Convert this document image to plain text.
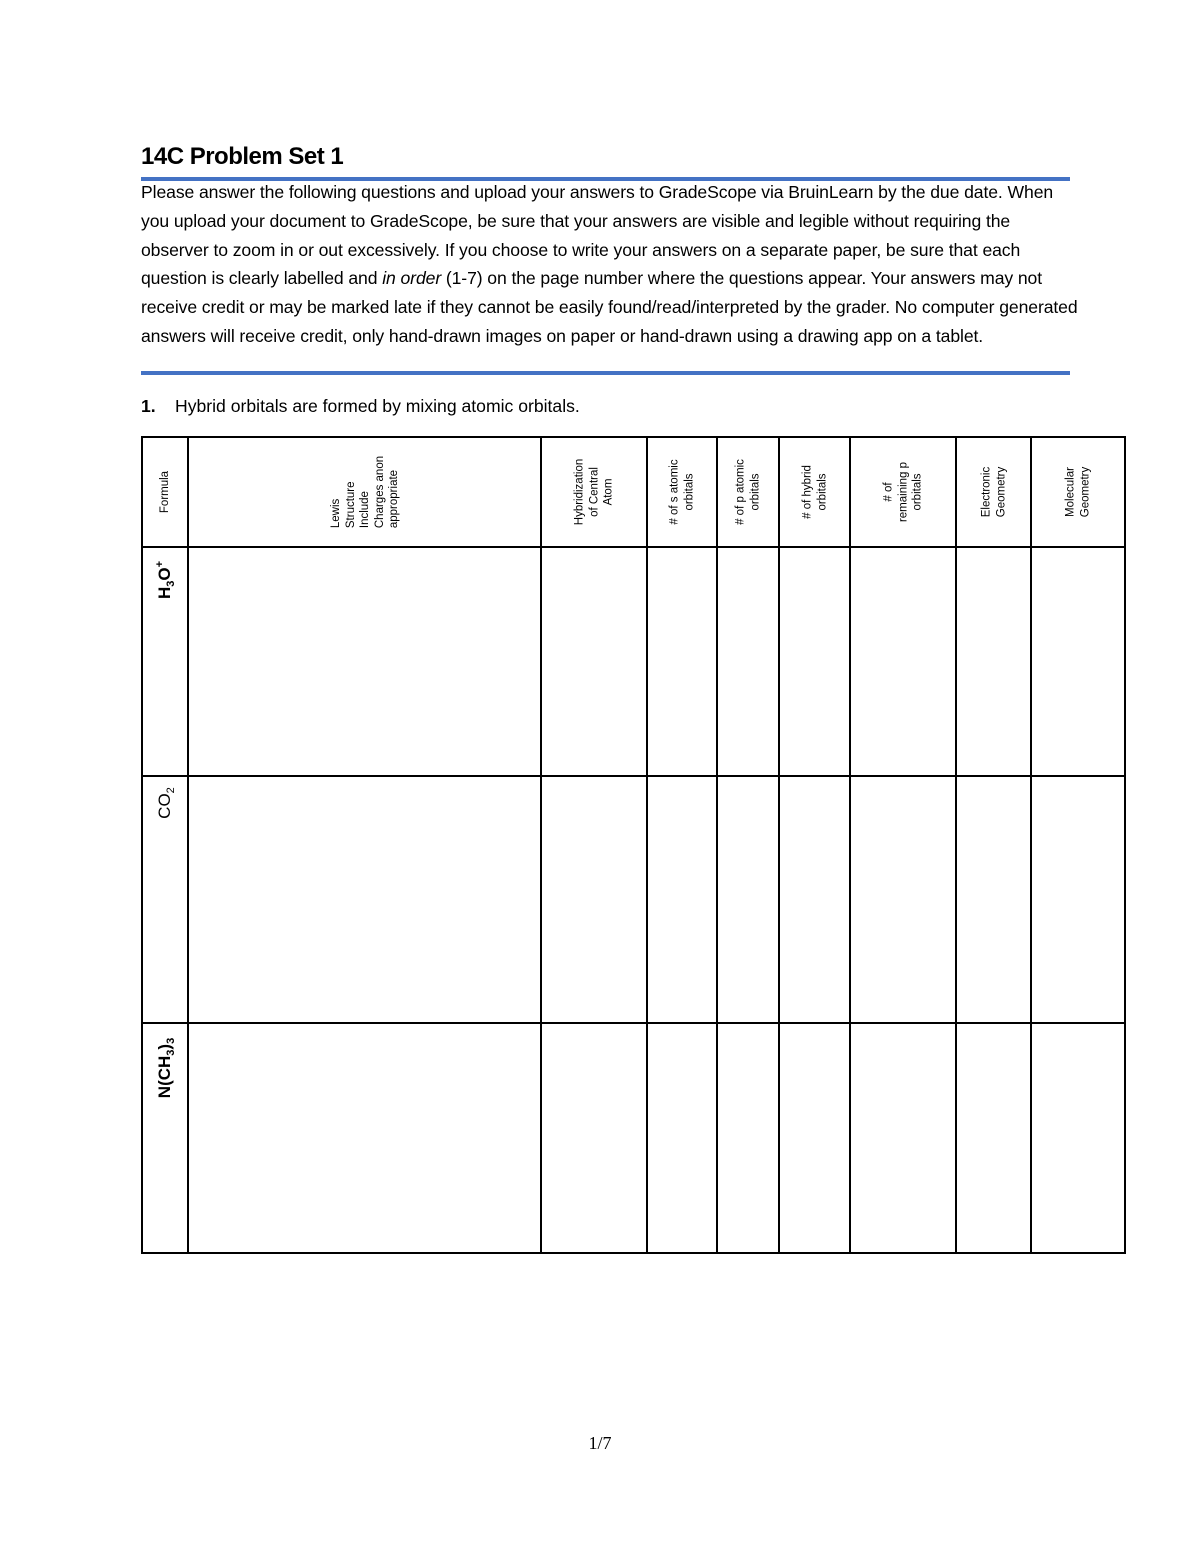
14C Problem Set 1

Please answer the following questions and upload your answers to GradeScope via BruinLearn by the due date. When you upload your document to GradeScope, be sure that your answers are visible and legible without requiring the observer to zoom in or out excessively. If you choose to write your answers on a separate paper, be sure that each question is clearly labelled and in order (1-7) on the page number where the questions appear. Your answers may not receive credit or may be marked late if they cannot be easily found/read/interpreted by the grader. No computer generated answers will receive credit, only hand-drawn images on paper or hand-drawn using a drawing app on a tablet.

1. Hybrid orbitals are formed by mixing atomic orbitals.
Formula	Lewis
Structure
Include
Charges anon
appropriate	Hybridization
of Central
Atom	# of s atomic
orbitals	# of p atomic
orbitals	# of hybrid
orbitals	# of
remaining p
orbitals	Electronic
Geometry	Molecular
Geometry

$H_3O^+$

$CO_2$

$N(CH_3)_3$

1/7
